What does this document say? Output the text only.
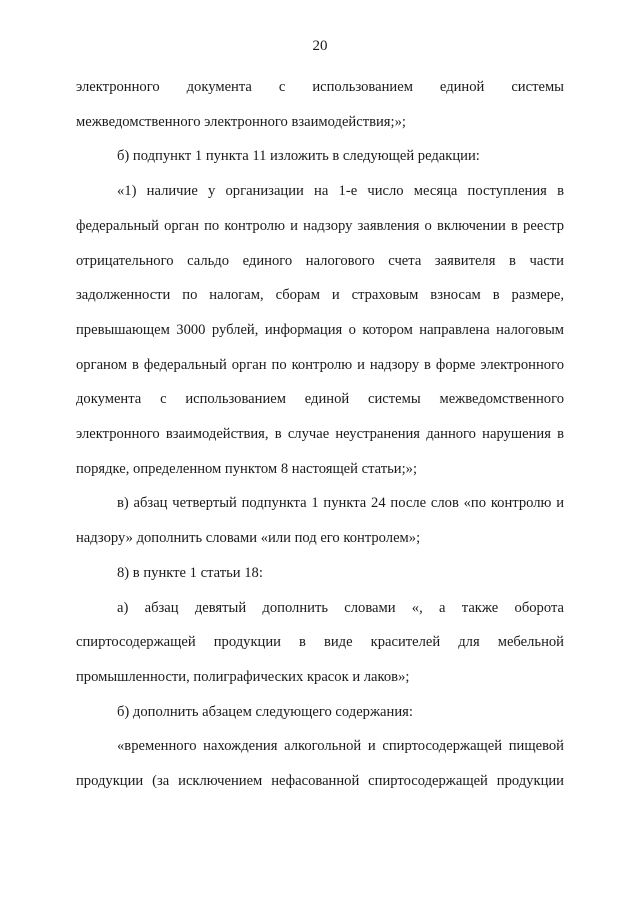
20

электронного документа с использованием единой системы межведомственного электронного взаимодействия;»;

б) подпункт 1 пункта 11 изложить в следующей редакции:

«1) наличие у организации на 1-е число месяца поступления в федеральный орган по контролю и надзору заявления о включении в реестр отрицательного сальдо единого налогового счета заявителя в части задолженности по налогам, сборам и страховым взносам в размере, превышающем 3000 рублей, информация о котором направлена налоговым органом в федеральный орган по контролю и надзору в форме электронного документа с использованием единой системы межведомственного электронного взаимодействия, в случае неустранения данного нарушения в порядке, определенном пунктом 8 настоящей статьи;»;

в) абзац четвертый подпункта 1 пункта 24 после слов «по контролю и надзору» дополнить словами «или под его контролем»;

8) в пункте 1 статьи 18:

а) абзац девятый дополнить словами «, а также оборота спиртосодержащей продукции в виде красителей для мебельной промышленности, полиграфических красок и лаков»;

б) дополнить абзацем следующего содержания:

«временного нахождения алкогольной и спиртосодержащей пищевой продукции (за исключением нефасованной спиртосодержащей продукции
